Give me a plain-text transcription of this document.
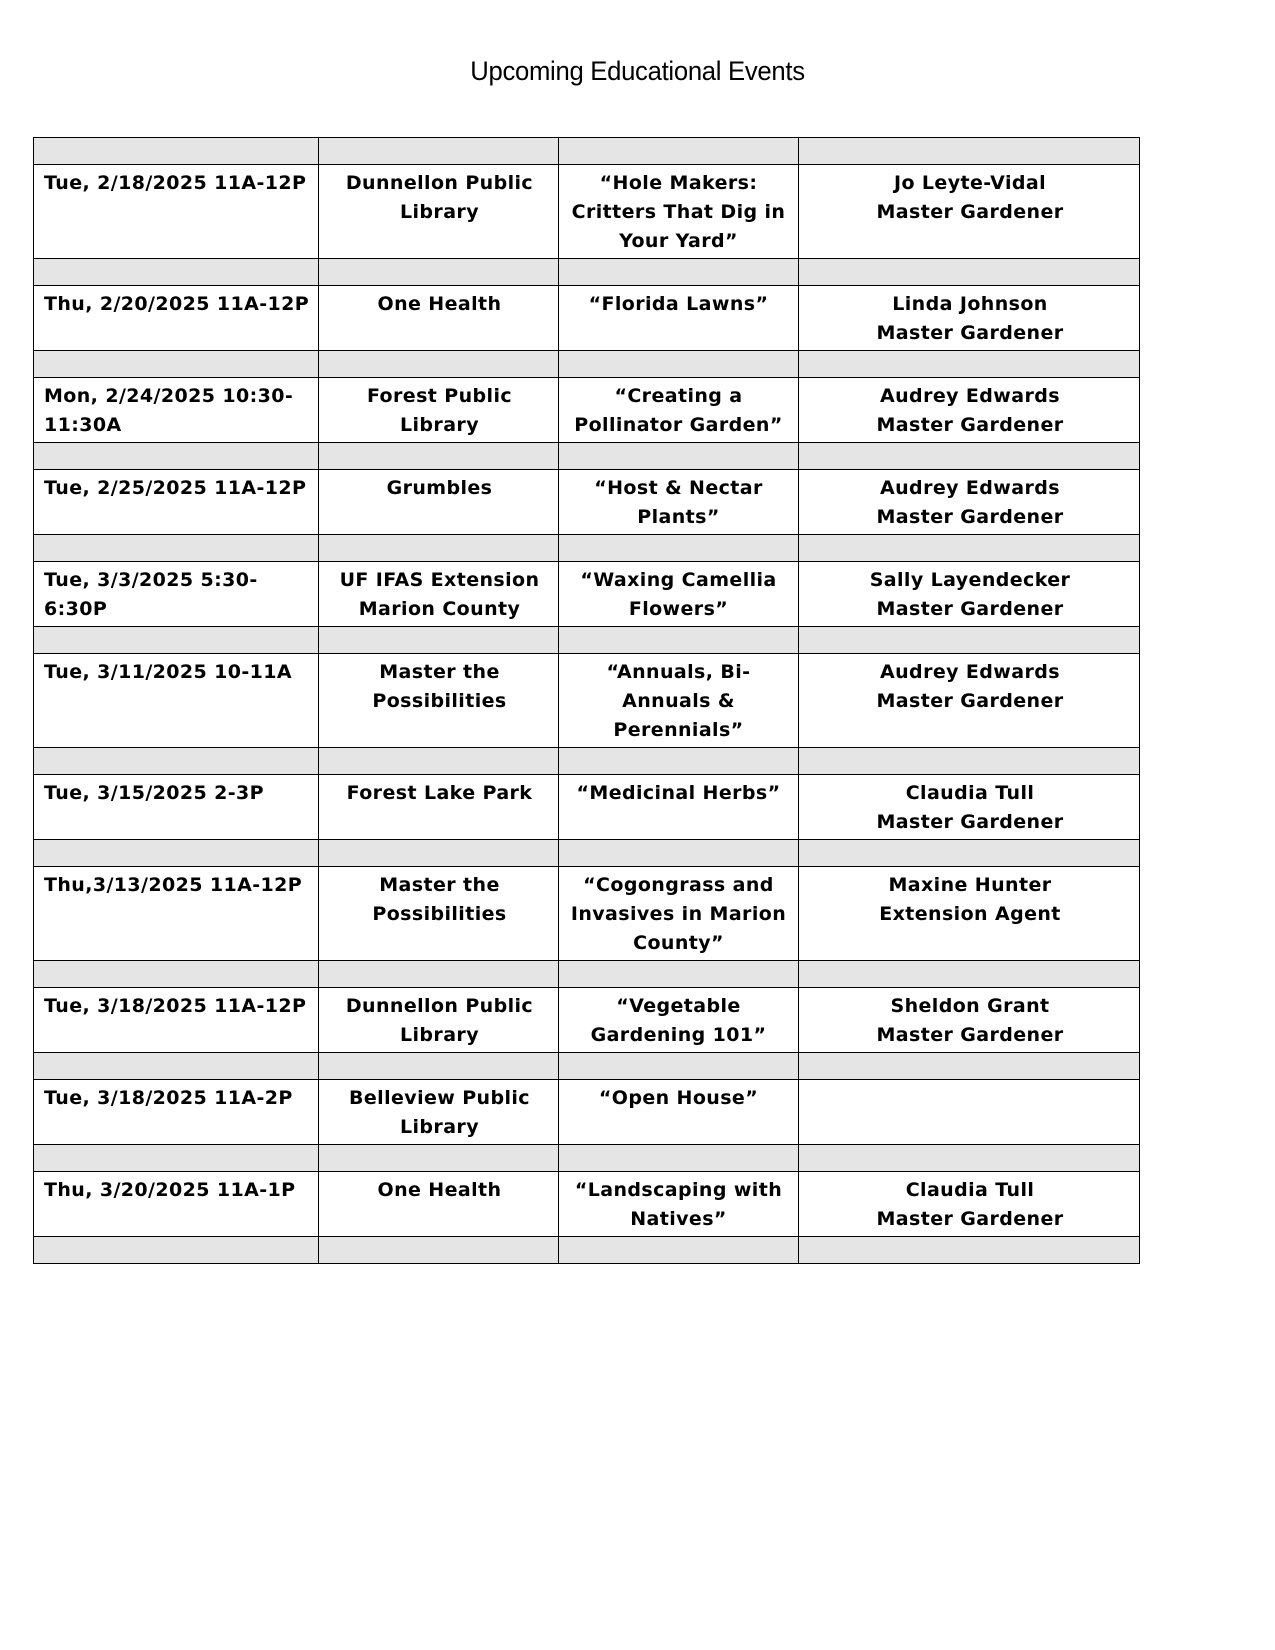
Upcoming Educational Events

Tue, 2/18/2025 11A-12P	Dunnellon Public
Library	“Hole Makers:
Critters That Dig in
Your Yard”	Jo Leyte-Vidal
Master Gardener

Thu, 2/20/2025 11A-12P	One Health	“Florida Lawns”	Linda Johnson
Master Gardener

Mon, 2/24/2025 10:30-
11:30A	Forest Public
Library	“Creating a
Pollinator Garden”	Audrey Edwards
Master Gardener

Tue, 2/25/2025 11A-12P	Grumbles	“Host & Nectar
Plants”	Audrey Edwards
Master Gardener

Tue, 3/3/2025 5:30-
6:30P	UF IFAS Extension
Marion County	“Waxing Camellia
Flowers”	Sally Layendecker
Master Gardener

Tue, 3/11/2025 10-11A	Master the
Possibilities	“Annuals, Bi-
Annuals &
Perennials”	Audrey Edwards
Master Gardener

Tue, 3/15/2025 2-3P	Forest Lake Park	“Medicinal Herbs”	Claudia Tull
Master Gardener

Thu,3/13/2025 11A-12P	Master the
Possibilities	“Cogongrass and
Invasives in Marion
County”	Maxine Hunter
Extension Agent

Tue, 3/18/2025 11A-12P	Dunnellon Public
Library	“Vegetable
Gardening 101”	Sheldon Grant
Master Gardener

Tue, 3/18/2025 11A-2P	Belleview Public
Library	“Open House”	

Thu, 3/20/2025 11A-1P	One Health	“Landscaping with
Natives”	Claudia Tull
Master Gardener
